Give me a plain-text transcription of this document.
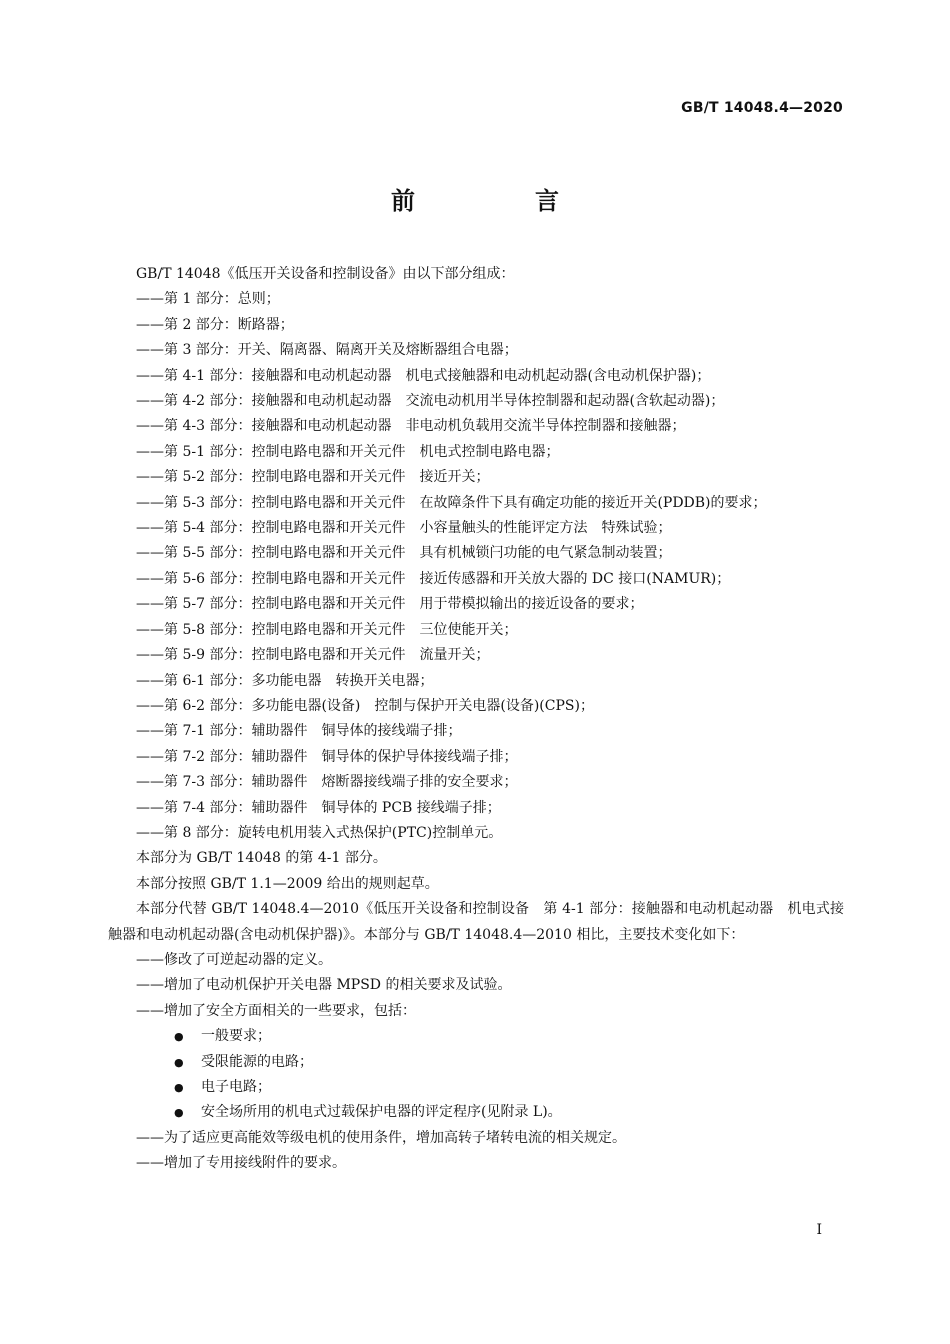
GB/T 14048.4—2020
前　言

GB/T 14048《低压开关设备和控制设备》由以下部分组成：

——第 1 部分：总则；

——第 2 部分：断路器；

——第 3 部分：开关、隔离器、隔离开关及熔断器组合电器；

——第 4-1 部分：接触器和电动机起动器　机电式接触器和电动机起动器(含电动机保护器)；

——第 4-2 部分：接触器和电动机起动器　交流电动机用半导体控制器和起动器(含软起动器)；

——第 4-3 部分：接触器和电动机起动器　非电动机负载用交流半导体控制器和接触器；

——第 5-1 部分：控制电路电器和开关元件　机电式控制电路电器；

——第 5-2 部分：控制电路电器和开关元件　接近开关；

——第 5-3 部分：控制电路电器和开关元件　在故障条件下具有确定功能的接近开关(PDDB)的要求；

——第 5-4 部分：控制电路电器和开关元件　小容量触头的性能评定方法　特殊试验；

——第 5-5 部分：控制电路电器和开关元件　具有机械锁闩功能的电气紧急制动装置；

——第 5-6 部分：控制电路电器和开关元件　接近传感器和开关放大器的 DC 接口(NAMUR)；

——第 5-7 部分：控制电路电器和开关元件　用于带模拟输出的接近设备的要求；

——第 5-8 部分：控制电路电器和开关元件　三位使能开关；

——第 5-9 部分：控制电路电器和开关元件　流量开关；

——第 6-1 部分：多功能电器　转换开关电器；

——第 6-2 部分：多功能电器(设备)　控制与保护开关电器(设备)(CPS)；

——第 7-1 部分：辅助器件　铜导体的接线端子排；

——第 7-2 部分：辅助器件　铜导体的保护导体接线端子排；

——第 7-3 部分：辅助器件　熔断器接线端子排的安全要求；

——第 7-4 部分：辅助器件　铜导体的 PCB 接线端子排；

——第 8 部分：旋转电机用装入式热保护(PTC)控制单元。

本部分为 GB/T 14048 的第 4-1 部分。

本部分按照 GB/T 1.1—2009 给出的规则起草。

本部分代替 GB/T 14048.4—2010《低压开关设备和控制设备　第 4-1 部分：接触器和电动机起动器　机电式接触器和电动机起动器(含电动机保护器)》。本部分与 GB/T 14048.4—2010 相比，主要技术变化如下：

——修改了可逆起动器的定义。

——增加了电动机保护开关电器 MPSD 的相关要求及试验。

——增加了安全方面相关的一些要求，包括：

● 一般要求；

● 受限能源的电路；

● 电子电路；

● 安全场所用的机电式过载保护电器的评定程序(见附录 L)。

——为了适应更高能效等级电机的使用条件，增加高转子堵转电流的相关规定。

——增加了专用接线附件的要求。

I
